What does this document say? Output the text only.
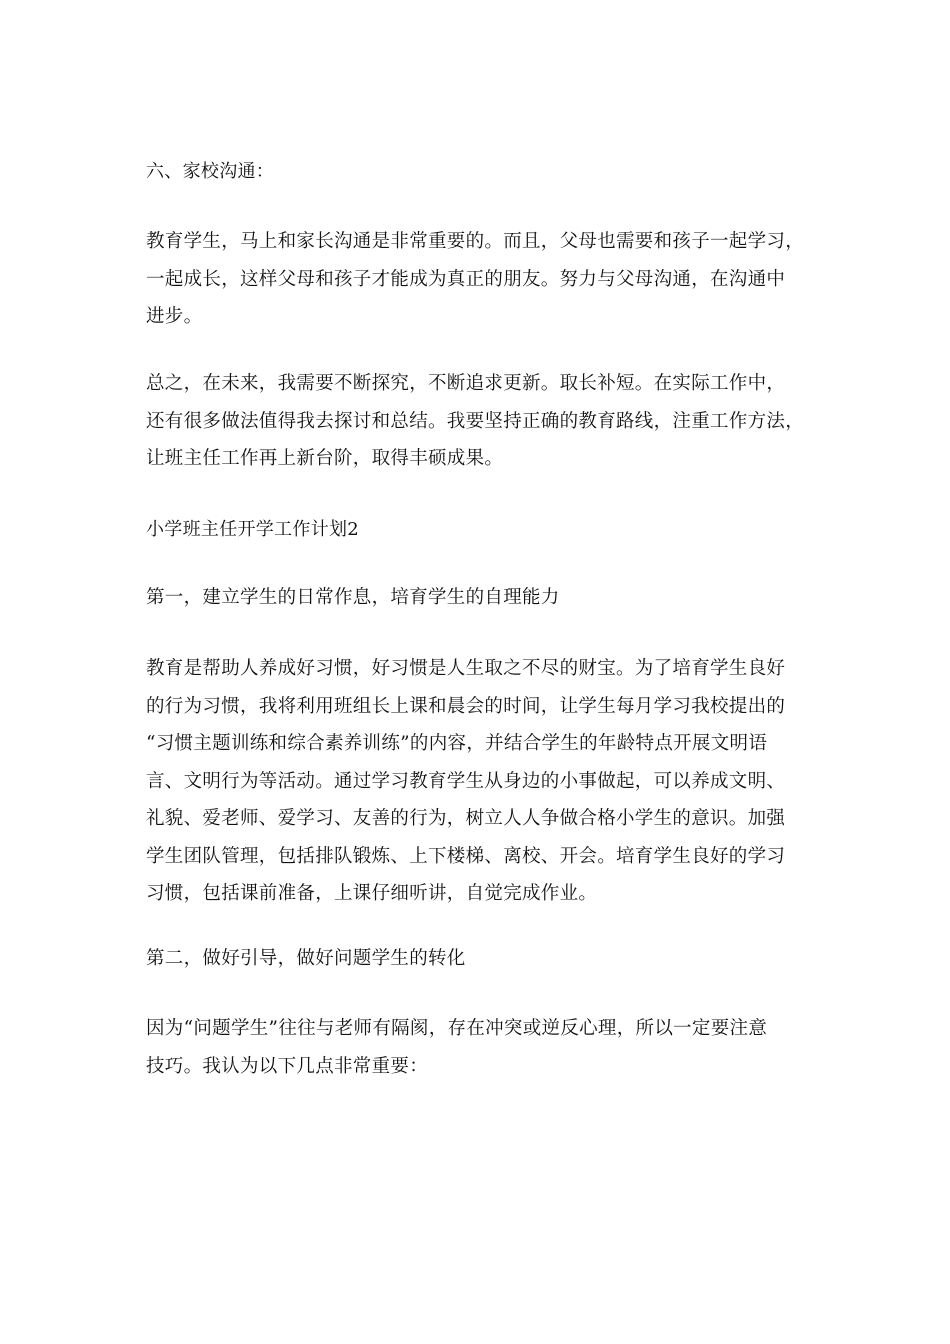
六、家校沟通：

教育学生，马上和家长沟通是非常重要的。而且，父母也需要和孩子一起学习，
一起成长，这样父母和孩子才能成为真正的朋友。努力与父母沟通，在沟通中
进步。

总之，在未来，我需要不断探究，不断追求更新。取长补短。在实际工作中，
还有很多做法值得我去探讨和总结。我要坚持正确的教育路线，注重工作方法，
让班主任工作再上新台阶，取得丰硕成果。

小学班主任开学工作计划2

第一，建立学生的日常作息，培育学生的自理能力

教育是帮助人养成好习惯，好习惯是人生取之不尽的财宝。为了培育学生良好
的行为习惯，我将利用班组长上课和晨会的时间，让学生每月学习我校提出的
“习惯主题训练和综合素养训练”的内容，并结合学生的年龄特点开展文明语
言、文明行为等活动。通过学习教育学生从身边的小事做起，可以养成文明、
礼貌、爱老师、爱学习、友善的行为，树立人人争做合格小学生的意识。加强
学生团队管理，包括排队锻炼、上下楼梯、离校、开会。培育学生良好的学习
习惯，包括课前准备，上课仔细听讲，自觉完成作业。

第二，做好引导，做好问题学生的转化

因为“问题学生”往往与老师有隔阂，存在冲突或逆反心理，所以一定要注意
技巧。我认为以下几点非常重要：
